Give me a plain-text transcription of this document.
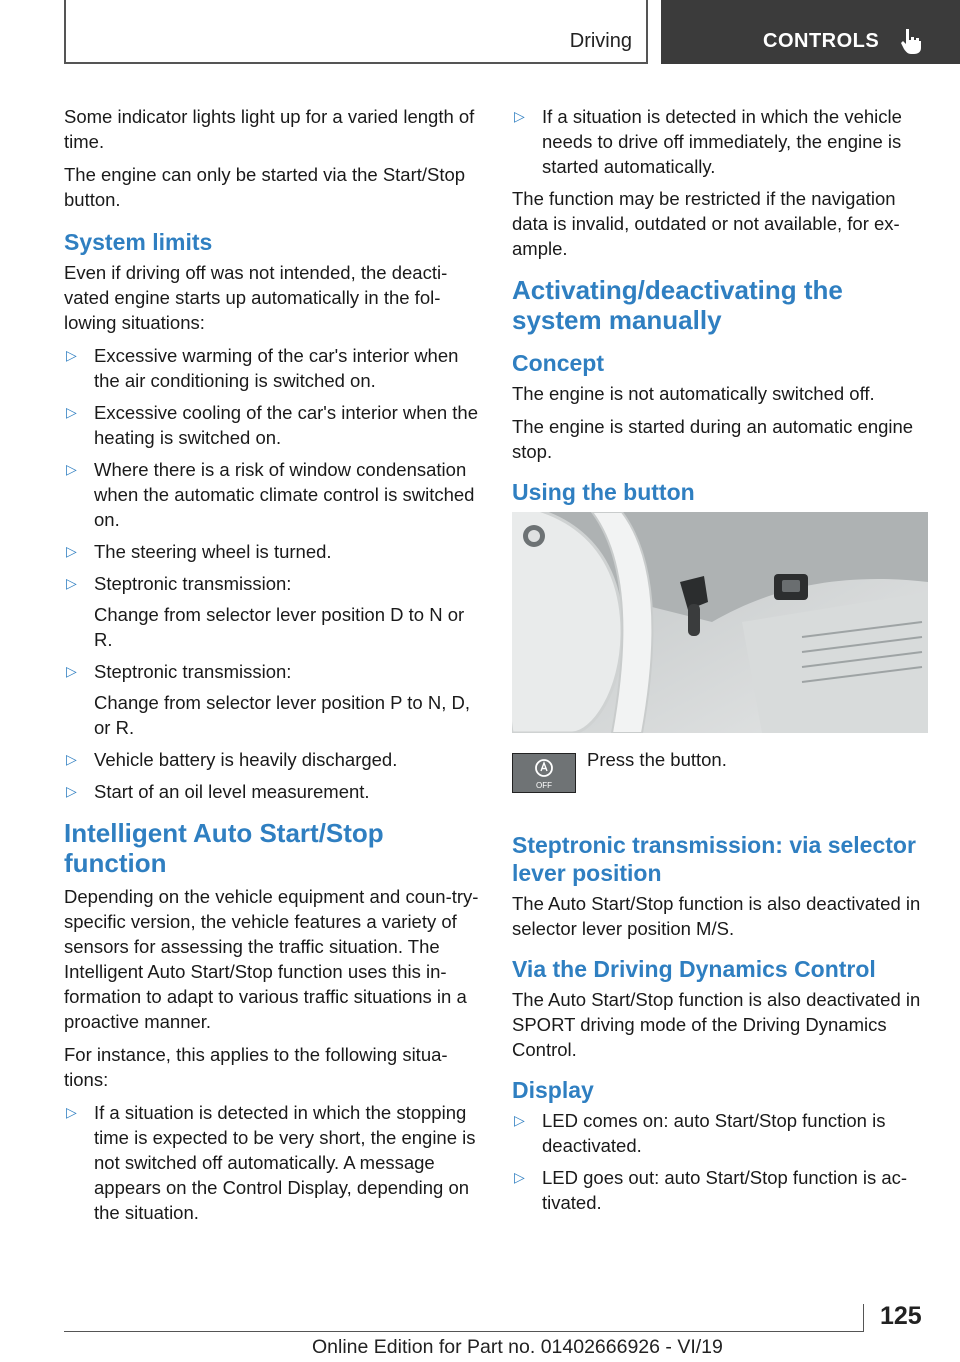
Driving	CONTROLS

Some indicator lights light up for a varied length of time.

The engine can only be started via the Start/Stop button.

System limits

Even if driving off was not intended, the deacti‐vated engine starts up automatically in the fol‐lowing situations:

▷ Excessive warming of the car's interior when the air conditioning is switched on.
▷ Excessive cooling of the car's interior when the heating is switched on.
▷ Where there is a risk of window condensation when the automatic climate control is switched on.
▷ The steering wheel is turned.
▷ Steptronic transmission:
Change from selector lever position D to N or R.
▷ Steptronic transmission:
Change from selector lever position P to N, D, or R.
▷ Vehicle battery is heavily discharged.
▷ Start of an oil level measurement.
Intelligent Auto Start/Stop function

Depending on the vehicle equipment and coun‐try-specific version, the vehicle features a variety of sensors for assessing the traffic situation. The Intelligent Auto Start/Stop function uses this in‐formation to adapt to various traffic situations in a proactive manner.

For instance, this applies to the following situa‐tions:

▷ If a situation is detected in which the stopping time is expected to be very short, the engine is not switched off automatically. A message appears on the Control Display, depending on the situation.
▷ If a situation is detected in which the vehicle needs to drive off immediately, the engine is started automatically.

The function may be restricted if the navigation data is invalid, outdated or not available, for ex‐ample.

Activating/deactivating the system manually
Concept

The engine is not automatically switched off.

The engine is started during an automatic engine stop.

Using the button
OFF

Press the button.

Steptronic transmission: via selector lever position

The Auto Start/Stop function is also deactivated in selector lever position M/S.

Via the Driving Dynamics Control

The Auto Start/Stop function is also deactivated in SPORT driving mode of the Driving Dynamics Control.

Display
▷ LED comes on: auto Start/Stop function is deactivated.
▷ LED goes out: auto Start/Stop function is ac‐tivated.
125
Online Edition for Part no. 01402666926 - VI/19
